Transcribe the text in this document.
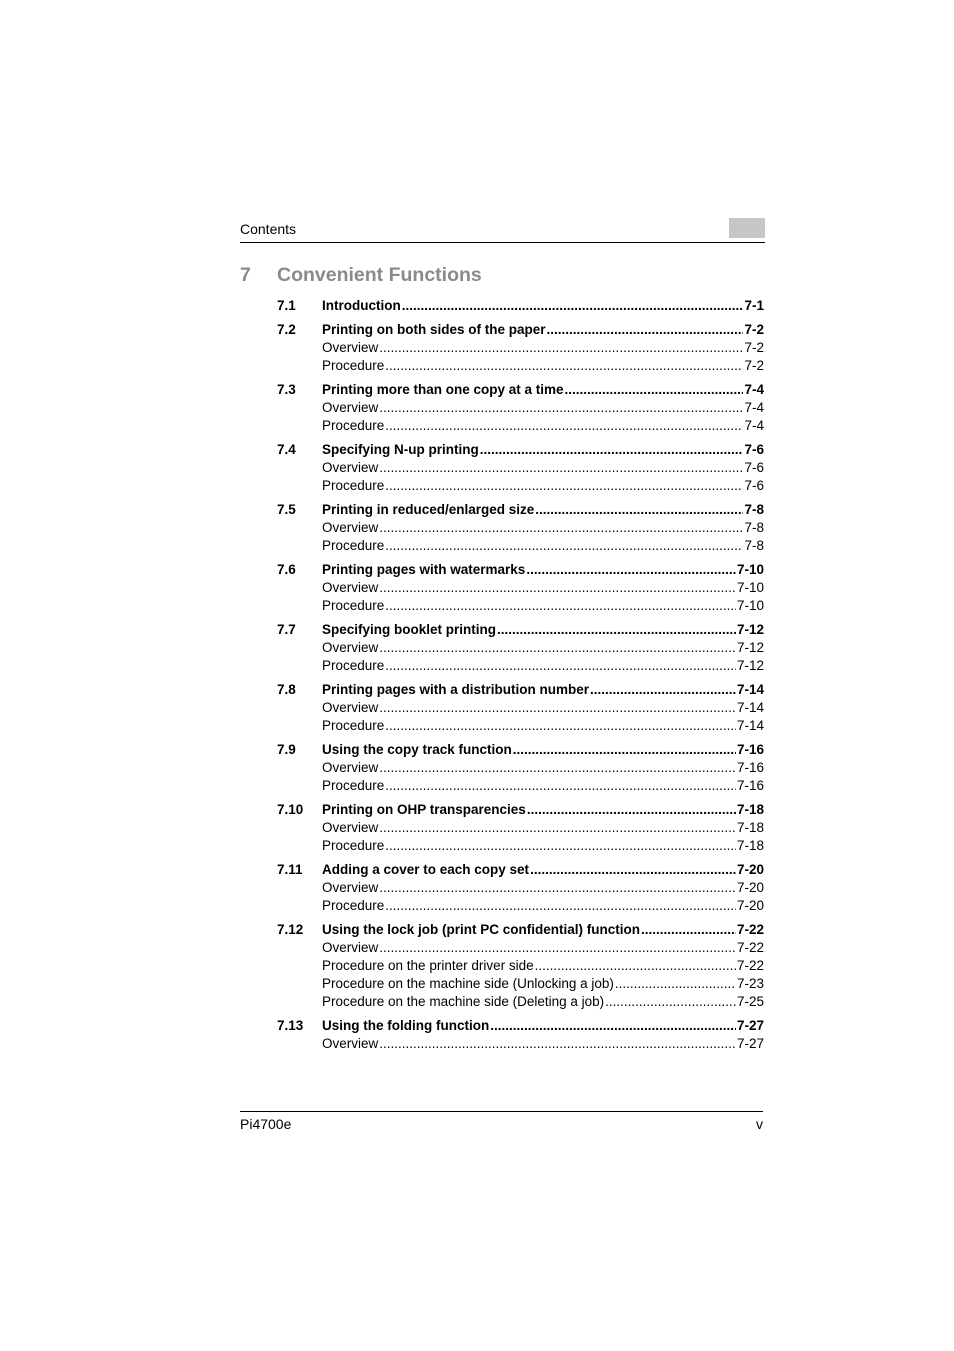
Contents
7 Convenient Functions
7.1	Introduction .....	7-1
7.2	Printing on both sides of the paper .....	7-2
Overview .....	7-2
Procedure .....	7-2
7.3	Printing more than one copy at a time .....	7-4
Overview .....	7-4
Procedure .....	7-4
7.4	Specifying N-up printing .....	7-6
Overview .....	7-6
Procedure .....	7-6
7.5	Printing in reduced/enlarged size .....	7-8
Overview .....	7-8
Procedure .....	7-8
7.6	Printing pages with watermarks .....	7-10
Overview .....	7-10
Procedure .....	7-10
7.7	Specifying booklet printing .....	7-12
Overview .....	7-12
Procedure .....	7-12
7.8	Printing pages with a distribution number .....	7-14
Overview .....	7-14
Procedure .....	7-14
7.9	Using the copy track function .....	7-16
Overview .....	7-16
Procedure .....	7-16
7.10	Printing on OHP transparencies .....	7-18
Overview .....	7-18
Procedure .....	7-18
7.11	Adding a cover to each copy set .....	7-20
Overview .....	7-20
Procedure .....	7-20
7.12	Using the lock job (print PC confidential) function .....	7-22
Overview .....	7-22
Procedure on the printer driver side .....	7-22
Procedure on the machine side (Unlocking a job) .....	7-23
Procedure on the machine side (Deleting a job) .....	7-25
7.13	Using the folding function .....	7-27
Overview .....	7-27
Pi4700e	v
